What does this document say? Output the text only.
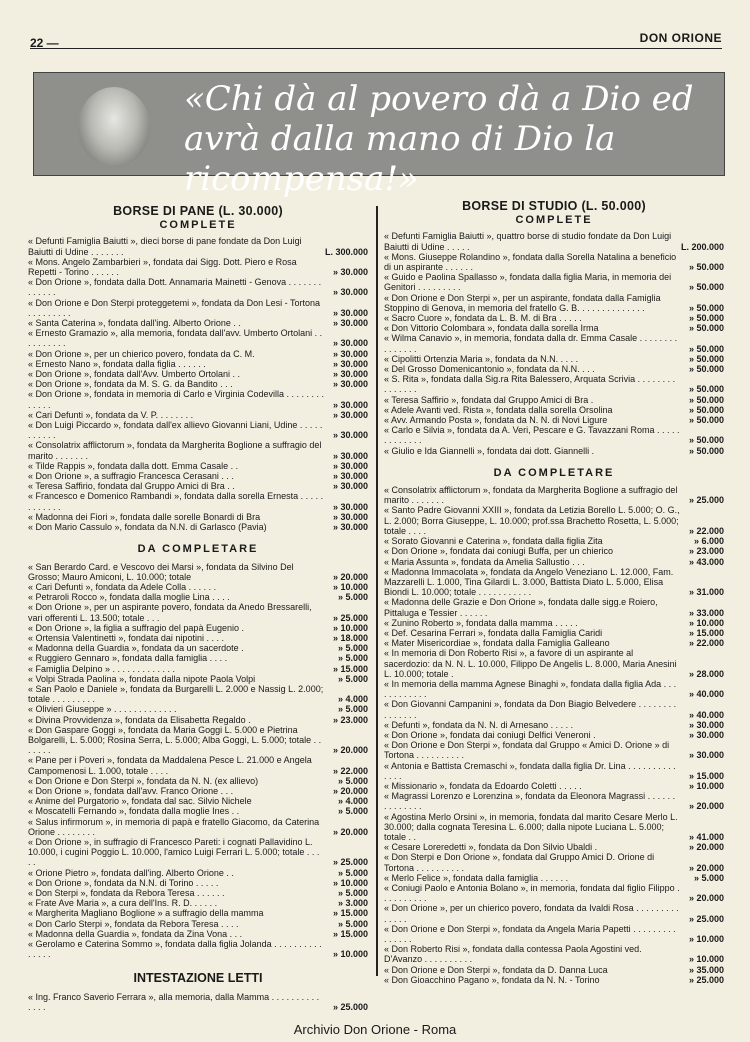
22 —	DON ORIONE
«Chi dà al povero dà a Dio ed avrà dalla mano di Dio la ricompensa!»
BORSE DI PANE (L. 30.000)
COMPLETE
« Defunti Famiglia Baiutti », dieci borse di pane fondate da Don Luigi Baiutti di Udine . . . . . . .	L. 300.000
« Mons. Angelo Zambarbieri », fondata dai Sigg. Dott. Piero e Rosa Repetti - Torino . . . . . .	» 30.000
« Don Orione », fondata dalla Dott. Annamaria Mainetti - Genova . . . . . . . . . . . . .	» 30.000
« Don Orione e Don Sterpi proteggetemi », fondata da Don Lesi - Tortona . . . . . . . . .	» 30.000
« Santa Caterina », fondata dall'ing. Alberto Orione . .	» 30.000
« Ernesto Gramazio », alla memoria, fondata dall'avv. Umberto Ortolani . . . . . . . . . .	» 30.000
« Don Orione », per un chierico povero, fondata da C. M.	» 30.000
« Ernesto Nano », fondata dalla figlia . . . . . .	» 30.000
« Don Orione », fondata dall'Avv. Umberto Ortolani . .	» 30.000
« Don Orione », fondata da M. S. G. da Bandito . . .	» 30.000
« Don Orione », fondata in memoria di Carlo e Virginia Codevilla . . . . . . . . . . . . .	» 30.000
« Cari Defunti », fondata da V. P. . . . . . . .	» 30.000
« Don Luigi Piccardo », fondata dall'ex allievo Giovanni Liani, Udine . . . . . . . . . . .	» 30.000
« Consolatrix afflictorum », fondata da Margherita Boglione a suffragio del marito . . . . . . .	» 30.000
« Tilde Rappis », fondata dalla dott. Emma Casale . .	» 30.000
« Don Orione », a suffragio Francesca Cerasani . . .	» 30.000
« Teresa Saffirio, fondata dal Gruppo Amici di Bra . .	» 30.000
« Francesco e Domenico Rambandi », fondata dalla sorella Ernesta . . . . . . . . . . . .	» 30.000
« Madonna dei Fiori », fondata dalle sorelle Bonardi di Bra	» 30.000
« Don Mario Cassulo », fondata da N.N. di Garlasco (Pavia)	» 30.000
DA COMPLETARE
« San Berardo Card. e Vescovo dei Marsi », fondata da Silvino Del Grosso; Mauro Amiconi, L. 10.000; totale	» 20.000
« Cari Defunti », fondata da Adele Colla . . . . . .	» 10.000
« Petraroli Rocco », fondata dalla moglie Lina . . . .	» 5.000
« Don Orione », per un aspirante povero, fondata da Anedo Bressarelli, vari offerenti L. 13.500; totale . . .	» 25.000
« Don Orione », la figlia a suffragio del papà Eugenio .	» 10.000
« Ortensia Valentinetti », fondata dai nipotini . . . .	» 18.000
« Madonna della Guardia », fondata da un sacerdote .	» 5.000
« Ruggiero Gennaro », fondata dalla famiglia . . . .	» 5.000
« Famiglia Delpino » . . . . . . . . . . . . .	» 15.000
« Volpi Strada Paolina », fondata dalla nipote Paola Volpi	» 5.000
« San Paolo e Daniele », fondata da Burgarelli L. 2.000 e Nassig L. 2.000; totale . . . . . . . . .	» 4.000
« Olivieri Giuseppe » . . . . . . . . . . . . .	» 5.000
« Divina Provvidenza », fondata da Elisabetta Regaldo .	» 23.000
« Don Gaspare Goggi », fondata da Maria Goggi L. 5.000 e Pietrina Bolgarelli, L. 5.000; Rosina Serra, L. 5.000; Alba Goggi, L. 5.000; totale . . . . . . .	» 20.000
« Pane per i Poveri », fondata da Maddalena Pesce L. 21.000 e Angela Campomenosi L. 1.000, totale . . . .	» 22.000
« Don Orione e Don Sterpi », fondata da N. N. (ex allievo)	» 5.000
« Don Orione », fondata dall'avv. Franco Orione . . .	» 20.000
« Anime del Purgatorio », fondata dal sac. Silvio Nichele	» 4.000
« Moscatelli Fernando », fondata dalla moglie Ines . .	» 5.000
« Salus infirmorum », in memoria di papà e fratello Giacomo, da Caterina Orione . . . . . . . .	» 20.000
« Don Orione », in suffragio di Francesco Pareti: i cognati Pallavidino L. 10.000, i cugini Poggio L. 10.000, l'amico Luigi Ferrari L. 5.000; totale . . . . .	» 25.000
« Orione Pietro », fondata dall'ing. Alberto Orione . .	» 5.000
« Don Orione », fondata da N.N. di Torino . . . . .	» 10.000
« Don Sterpi », fondata da Rebora Teresa . . . . . .	» 5.000
« Frate Ave Maria », a cura dell'Ins. R. D. . . . . .	» 3.000
« Margherita Magliano Boglione » a suffragio della mamma	» 15.000
« Don Carlo Sterpi », fondata da Rebora Teresa . . . .	» 5.000
« Madonna della Guardia », fondata da Zina Vona . . .	» 15.000
« Gerolamo e Caterina Sommo », fondata dalla figlia Jolanda . . . . . . . . . . . . . . .	» 10.000
INTESTAZIONE LETTI
« Ing. Franco Saverio Ferrara », alla memoria, dalla Mamma . . . . . . . . . . . . . .	» 25.000
BORSE DI STUDIO (L. 50.000)
COMPLETE
« Defunti Famiglia Baiutti », quattro borse di studio fondate da Don Luigi Baiutti di Udine . . . . .	L. 200.000
« Mons. Giuseppe Rolandino », fondata dalla Sorella Natalina a beneficio di un aspirante . . . . . .	» 50.000
« Guido e Paolina Spallasso », fondata dalla figlia Maria, in memoria dei Genitori . . . . . . . . .	» 50.000
« Don Orione e Don Sterpi », per un aspirante, fondata dalla Famiglia Stoppino di Genova, in memoria del fratello G. B. . . . . . . . . . . . . .	» 50.000
« Sacro Cuore », fondata da L. B. M. di Bra . . . . .	» 50.000
« Don Vittorio Colombara », fondata dalla sorella Irma	» 50.000
« Wilma Canavio », in memoria, fondata dalla dr. Emma Casale . . . . . . . . . . . . . . .	» 50.000
« Cipolitti Ortenzia Maria », fondata da N.N. . . . .	» 50.000
« Del Grosso Domenicantonio », fondata da N.N. . . .	» 50.000
« S. Rita », fondata dalla Sig.ra Rita Balessero, Arquata Scrivia . . . . . . . . . . . . . . .	» 50.000
« Teresa Saffirio », fondata dal Gruppo Amici di Bra .	» 50.000
« Adele Avanti ved. Rista », fondata dalla sorella Orsolina	» 50.000
« Avv. Armando Posta », fondata da N. N. di Novi Ligure	» 50.000
« Carlo e Silvia », fondata da A. Veri, Pescare e G. Tavazzani Roma . . . . . . . . . . . . .	» 50.000
« Giulio e Ida Giannelli », fondata dai dott. Giannelli .	» 50.000
DA COMPLETARE
« Consolatrix afflictorum », fondata da Margherita Boglione a suffragio del marito . . . . . . .	» 25.000
« Santo Padre Giovanni XXIII », fondata da Letizia Borello L. 5.000; O. G., L. 2.000; Borra Giuseppe, L. 10.000; prof.ssa Brachetto Rosetta, L. 5.000; totale . . . .	» 22.000
« Sorato Giovanni e Caterina », fondata dalla figlia Zita	» 6.000
« Don Orione », fondata dai coniugi Buffa, per un chierico	» 23.000
« Maria Assunta », fondata da Amelia Sallustio . . .	» 43.000
« Madonna Immacolata », fondata da Angelo Veneziano L. 12.000, Fam. Mazzarelli L. 1.000, Tina Gilardi L. 3.000, Battista Diato L. 5.000, Elisa Biondi L. 10.000; totale . . . . . . . . . . .	» 31.000
« Madonna delle Grazie e Don Orione », fondata dalle sigg.e Roiero, Pittaluga e Tessier . . . . . .	» 33.000
« Zunino Roberto », fondata dalla mamma . . . . .	» 10.000
« Def. Cesarina Ferrari », fondata dalla Famiglia Caridi	» 15.000
« Mater Misericordiae », fondata dalla Famiglia Galleano	» 22.000
« In memoria di Don Roberto Risi », a favore di un aspirante al sacerdozio: da N. N. L. 10.000, Filippo De Angelis L. 8.000, Maria Anesini L. 10.000; totale .	» 28.000
« In memoria della mamma Agnese Binaghi », fondata dalla figlia Ada . . . . . . . . . . . .	» 40.000
« Don Giovanni Campanini », fondata da Don Biagio Belvedere . . . . . . . . . . . . . . .	» 40.000
« Defunti », fondata da N. N. di Arnesano . . . . .	» 30.000
« Don Orione », fondata dai coniugi Delfici Veneroni .	» 30.000
« Don Orione e Don Sterpi », fondata dal Gruppo « Amici D. Orione » di Tortona . . . . . . . . . .	» 30.000
« Antonia e Battista Cremaschi », fondata dalla figlia Dr. Lina . . . . . . . . . . . . . .	» 15.000
« Missionario », fondata da Edoardo Coletti . . . . .	» 10.000
« Magrassi Lorenzo e Lorenzina », fondata da Eleonora Magrassi . . . . . . . . . . . . . .	» 20.000
« Agostina Merlo Orsini », in memoria, fondata dal marito Cesare Merlo L. 30.000; dalla cognata Teresina L. 6.000; dalla nipote Luciana L. 5.000; totale . .	» 41.000
« Cesare Loreredetti », fondata da Don Silvio Ubaldi .	» 20.000
« Don Sterpi e Don Orione », fondata dal Gruppo Amici D. Orione di Tortona . . . . . . . . . .	» 20.000
« Merlo Felice », fondata dalla famiglia . . . . . .	» 5.000
« Coniugi Paolo e Antonia Bolano », in memoria, fondata dal figlio Filippo . . . . . . . . . .	» 20.000
« Don Orione », per un chierico povero, fondata da Ivaldi Rosa . . . . . . . . . . . . . .	» 25.000
« Don Orione e Don Sterpi », fondata da Angela Maria Papetti . . . . . . . . . . . . . . .	» 10.000
« Don Roberto Risi », fondata dalla contessa Paola Agostini ved. D'Avanzo . . . . . . . . . .	» 10.000
« Don Orione e Don Sterpi », fondata da D. Danna Luca	» 35.000
« Don Gioacchino Pagano », fondata da N. N. - Torino	» 25.000
Archivio Don Orione - Roma
